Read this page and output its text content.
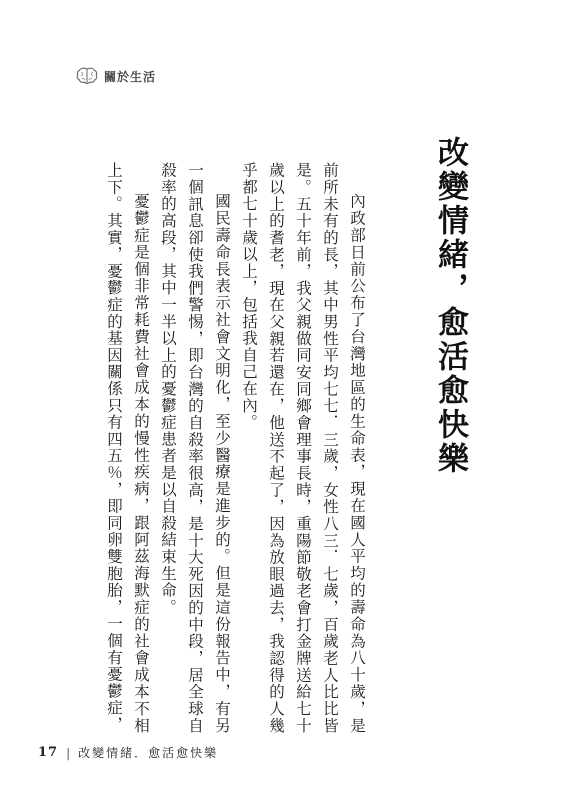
關於生活
改變情緒，愈活愈快樂

內政部日前公布了台灣地區的生命表，現在國人平均的壽命為八十歲，是前所未有的長，其中男性平均七七．三歲，女性八三．七歲，百歲老人比比皆是。五十年前，我父親做同安同鄉會理事長時，重陽節敬老會打金牌送給七十歲以上的耆老，現在父親若還在，他送不起了，因為放眼過去，我認得的人幾乎都七十歲以上，包括我自己在內。

國民壽命長表示社會文明化，至少醫療是進步的。但是這份報告中，有另一個訊息卻使我們警惕，即台灣的自殺率很高，是十大死因的中段，居全球自殺率的高段，其中一半以上的憂鬱症患者是以自殺結束生命。

憂鬱症是個非常耗費社會成本的慢性疾病，跟阿茲海默症的社會成本不相上下。其實，憂鬱症的基因關係只有四五％，即同卵雙胞胎，一個有憂鬱症，

17 | 改變情緒．愈活愈快樂
